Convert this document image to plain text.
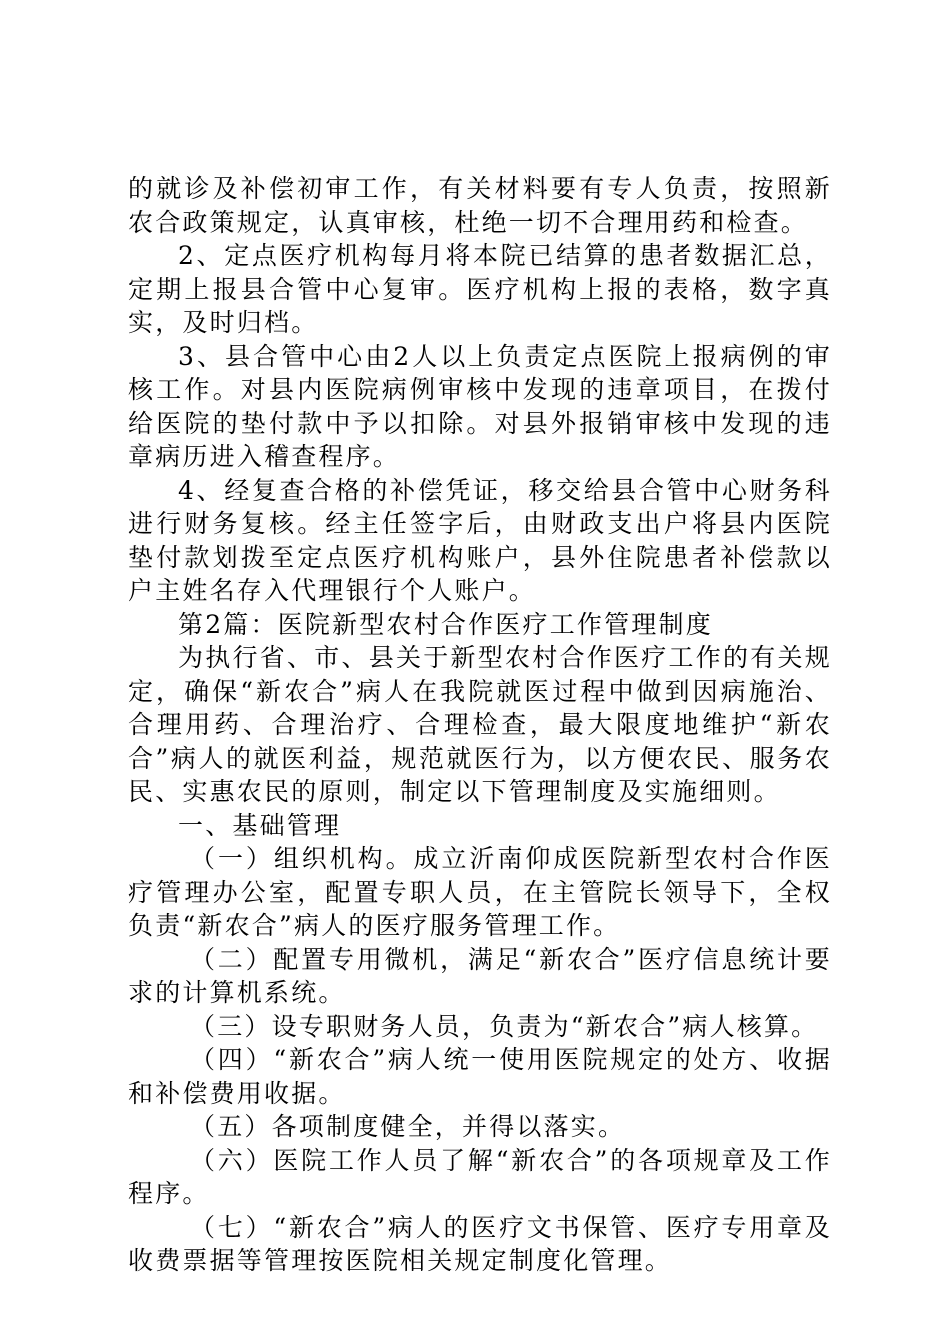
的就诊及补偿初审工作，有关材料要有专人负责，按照新农合政策规定，认真审核，杜绝一切不合理用药和检查。

2、定点医疗机构每月将本院已结算的患者数据汇总，定期上报县合管中心复审。医疗机构上报的表格，数字真实，及时归档。

3、县合管中心由2人以上负责定点医院上报病例的审核工作。对县内医院病例审核中发现的违章项目，在拨付给医院的垫付款中予以扣除。对县外报销审核中发现的违章病历进入稽查程序。

4、经复查合格的补偿凭证，移交给县合管中心财务科进行财务复核。经主任签字后，由财政支出户将县内医院垫付款划拨至定点医疗机构账户，县外住院患者补偿款以户主姓名存入代理银行个人账户。

第2篇：医院新型农村合作医疗工作管理制度

为执行省、市、县关于新型农村合作医疗工作的有关规定，确保“新农合”病人在我院就医过程中做到因病施治、合理用药、合理治疗、合理检查，最大限度地维护“新农合”病人的就医利益，规范就医行为，以方便农民、服务农民、实惠农民的原则，制定以下管理制度及实施细则。

一、基础管理

（一）组织机构。成立沂南仰成医院新型农村合作医疗管理办公室，配置专职人员，在主管院长领导下，全权负责“新农合”病人的医疗服务管理工作。

（二）配置专用微机，满足“新农合”医疗信息统计要求的计算机系统。

（三）设专职财务人员，负责为“新农合”病人核算。

（四）“新农合”病人统一使用医院规定的处方、收据和补偿费用收据。

（五）各项制度健全，并得以落实。

（六）医院工作人员了解“新农合”的各项规章及工作程序。

（七）“新农合”病人的医疗文书保管、医疗专用章及收费票据等管理按医院相关规定制度化管理。
